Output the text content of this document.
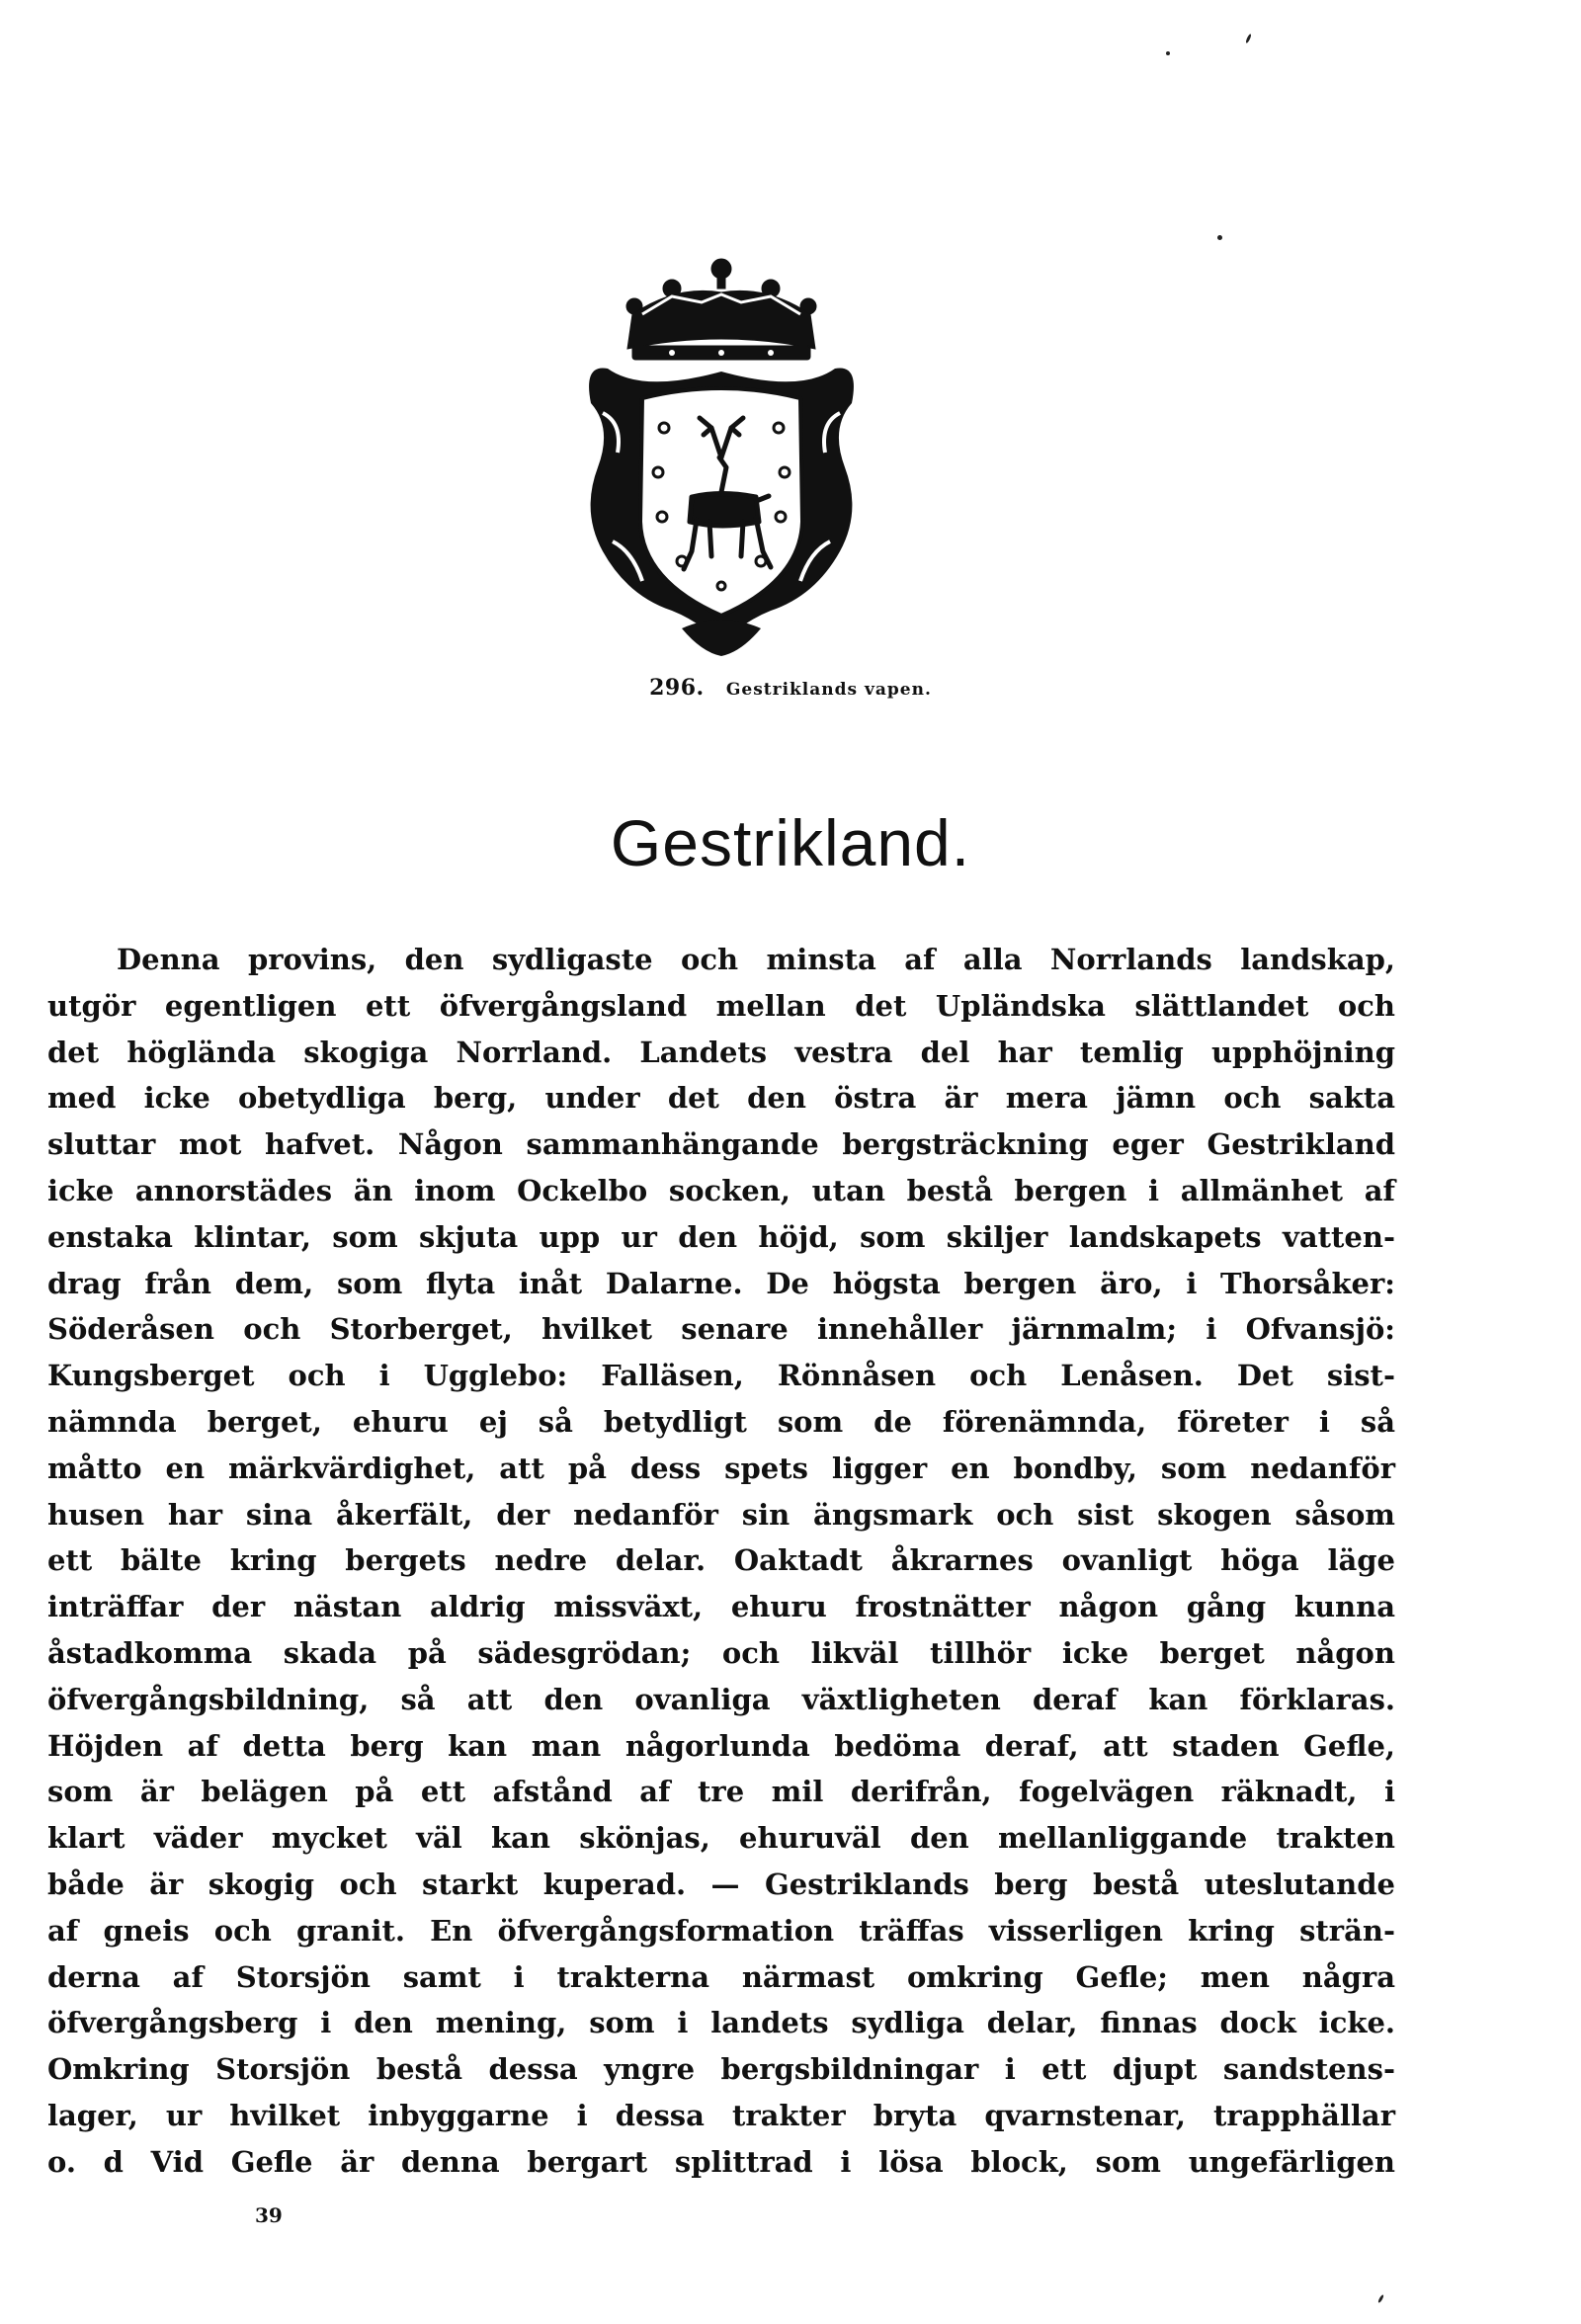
296. Gestriklands vapen.
Gestrikland.
Denna provins, den sydligaste och minsta af alla Norrlands landskap,
utgör egentligen ett öfvergångsland mellan det Upländska slättlandet och
det högländа skogiga Norrland. Landets vestra del har temlig upphöjning
med icke obetydliga berg, under det den östra är mera jämn och sakta
sluttar mot hafvet. Någon sammanhängande bergsträckning eger Gestrikland
icke annorstädes än inom Ockelbo socken, utan bestå bergen i allmänhet af
enstaka klintar, som skjuta upp ur den höjd, som skiljer landskapets vatten-
drag från dem, som flyta inåt Dalarne. De högsta bergen äro, i Thorsåker:
Söderåsen och Storberget, hvilket senare innehåller järnmalm; i Ofvansjö:
Kungsberget och i Ugglebo: Falläsen, Rönnåsen och Lenåsen. Det sist-
nämnda berget, ehuru ej så betydligt som de förenämnda, företer i så
måtto en märkvärdighet, att på dess spets ligger en bondby, som nedanför
husen har sina åkerfält, der nedanför sin ängsmark och sist skogen såsom
ett bälte kring bergets nedre delar. Oaktadt åkrarnes ovanligt höga läge
inträffar der nästan aldrig missväxt, ehuru frostnätter någon gång kunna
åstadkomma skada på sädesgrödan; och likväl tillhör icke berget någon
öfvergångsbildning, så att den ovanliga växtligheten deraf kan förklaras.
Höjden af detta berg kan man någorlunda bedöma deraf, att staden Gefle,
som är belägen på ett afstånd af tre mil derifrån, fogelvägen räknadt, i
klart väder mycket väl kan skönjas, ehuruväl den mellanliggande trakten
både är skogig och starkt kuperad. — Gestriklands berg bestå uteslutande
af gneis och granit. En öfvergångsformation träffas visserligen kring strän-
derna af Storsjön samt i trakterna närmast omkring Gefle; men några
öfvergångsberg i den mening, som i landets sydliga delar, finnas dock icke.
Omkring Storsjön bestå dessa yngre bergsbildningar i ett djupt sandstens-
lager, ur hvilket inbyggarne i dessa trakter bryta qvarnstenar, trapphällar
o. d Vid Gefle är denna bergart splittrad i lösa block, som ungefärligen
39
